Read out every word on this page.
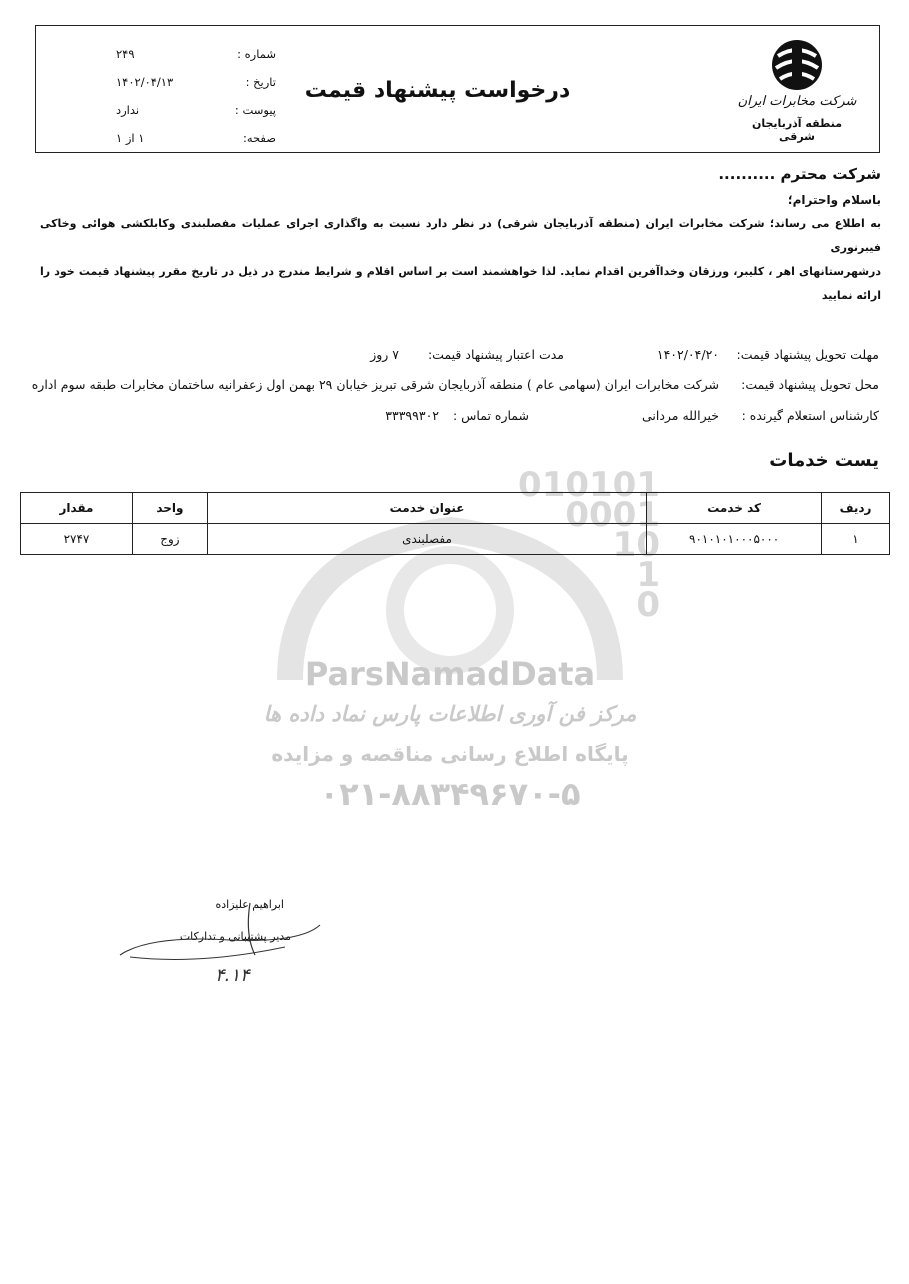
شرکت مخابرات ایران
منطقه آذربایجان شرقی
درخواست پیشنهاد قیمت
شماره :
۲۴۹
تاریخ :
۱۴۰۲/۰۴/۱۳
پیوست :
ندارد
صفحه:
۱ از ۱
شرکت محترم ..........
باسلام واحترام؛
به اطلاع می رساند؛ شرکت مخابرات ایران (منطقه آذربایجان شرقی) در نظر دارد نسبت به واگذاری اجرای عملیات مفصلبندی وکابلکشی هوائی وخاکی فیبرنوری
درشهرستانهای اهر ، کلیبر، ورزقان وخداآفرین اقدام نماید. لذا خواهشمند است بر اساس اقلام و شرایط مندرج در ذیل در تاریخ مقرر پیشنهاد قیمت خود را ارائه نمایید
مهلت تحویل پیشنهاد قیمت:
۱۴۰۲/۰۴/۲۰
مدت اعتبار پیشنهاد قیمت:
۷ روز
محل تحویل پیشنهاد قیمت:
شرکت مخابرات ایران (سهامی عام ) منطقه آذربایجان شرقی تبریز خیابان ۲۹ بهمن اول زعفرانیه ساختمان مخابرات طبقه سوم اداره
کارشناس استعلام گیرنده :
خیرالله مردانی
شماره تماس :
۳۳۳۹۹۳۰۲
010101
0001
10
1
0
ParsNamadData
مرکز فن آوری اطلاعات پارس نماد داده ها
پایگاه اطلاع رسانی مناقصه و مزایده
۰۲۱-۸۸۳۴۹۶۷۰-۵
یست خدمات
ردیف	کد خدمت	عنوان خدمت	واحد	مقدار
۱	۹۰۱۰۱۰۱۰۰۰۵۰۰۰	مفصلبندی	زوج	۲۷۴۷
ابراهیم علیزاده
مدیر پشتیبانی و تدارکات
۴.۱۴
